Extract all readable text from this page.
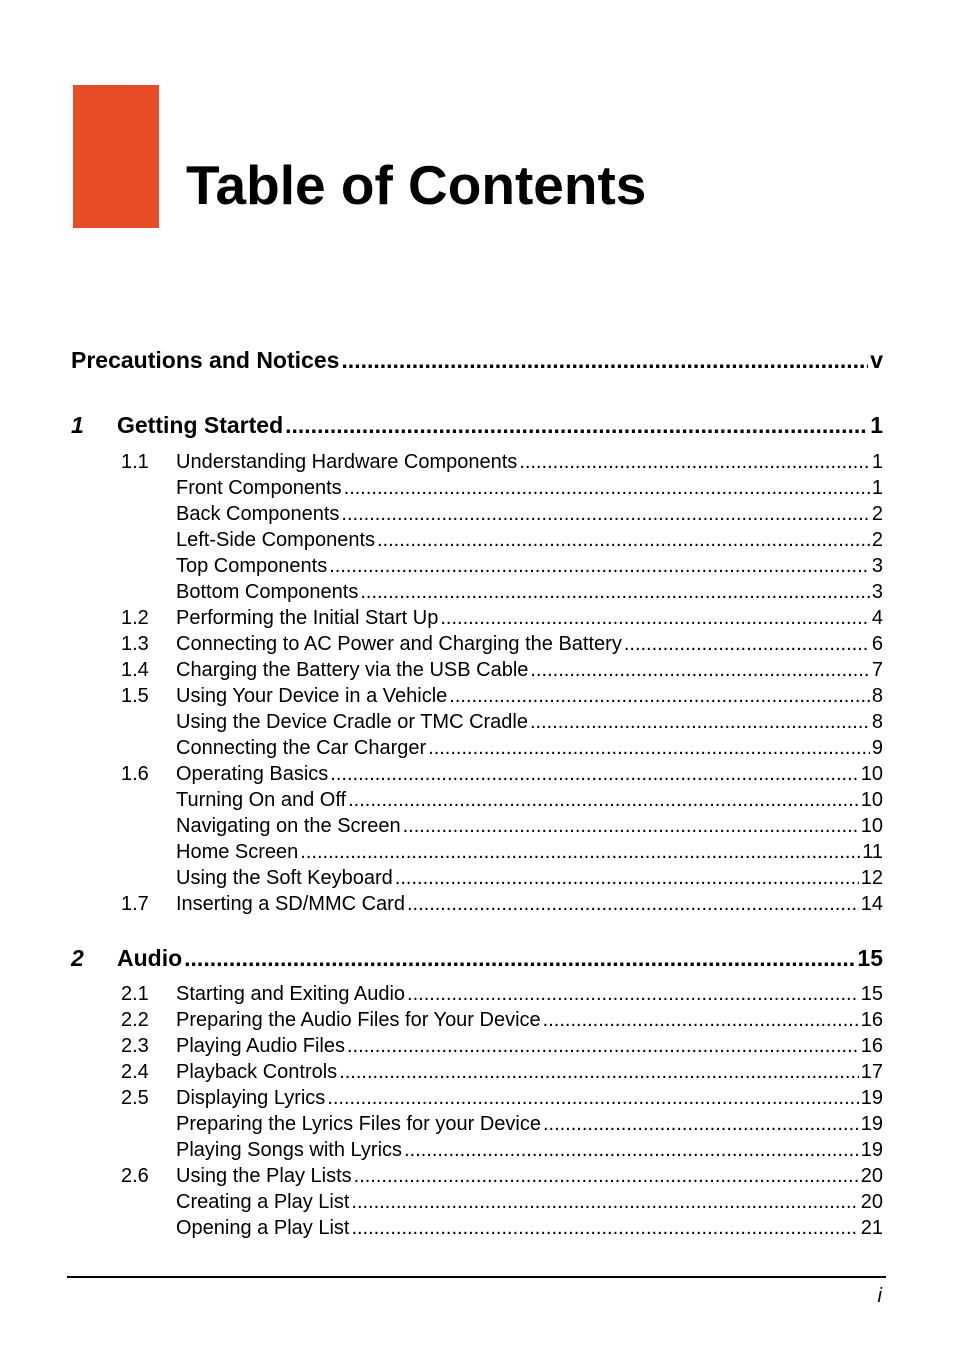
Table of Contents
Precautions and Notices .....	v
1	Getting Started .....	1
1.1	Understanding Hardware Components .....	1
Front Components .....	1
Back Components .....	2
Left-Side Components .....	2
Top Components .....	3
Bottom Components .....	3
1.2	Performing the Initial Start Up .....	4
1.3	Connecting to AC Power and Charging the Battery .....	6
1.4	Charging the Battery via the USB Cable .....	7
1.5	Using Your Device in a Vehicle .....	8
Using the Device Cradle or TMC Cradle .....	8
Connecting the Car Charger .....	9
1.6	Operating Basics .....	10
Turning On and Off .....	10
Navigating on the Screen .....	10
Home Screen .....	11
Using the Soft Keyboard .....	12
1.7	Inserting a SD/MMC Card .....	14
2	Audio .....	15
2.1	Starting and Exiting Audio .....	15
2.2	Preparing the Audio Files for Your Device .....	16
2.3	Playing Audio Files .....	16
2.4	Playback Controls .....	17
2.5	Displaying Lyrics .....	19
Preparing the Lyrics Files for your Device .....	19
Playing Songs with Lyrics .....	19
2.6	Using the Play Lists .....	20
Creating a Play List .....	20
Opening a Play List .....	21
i
